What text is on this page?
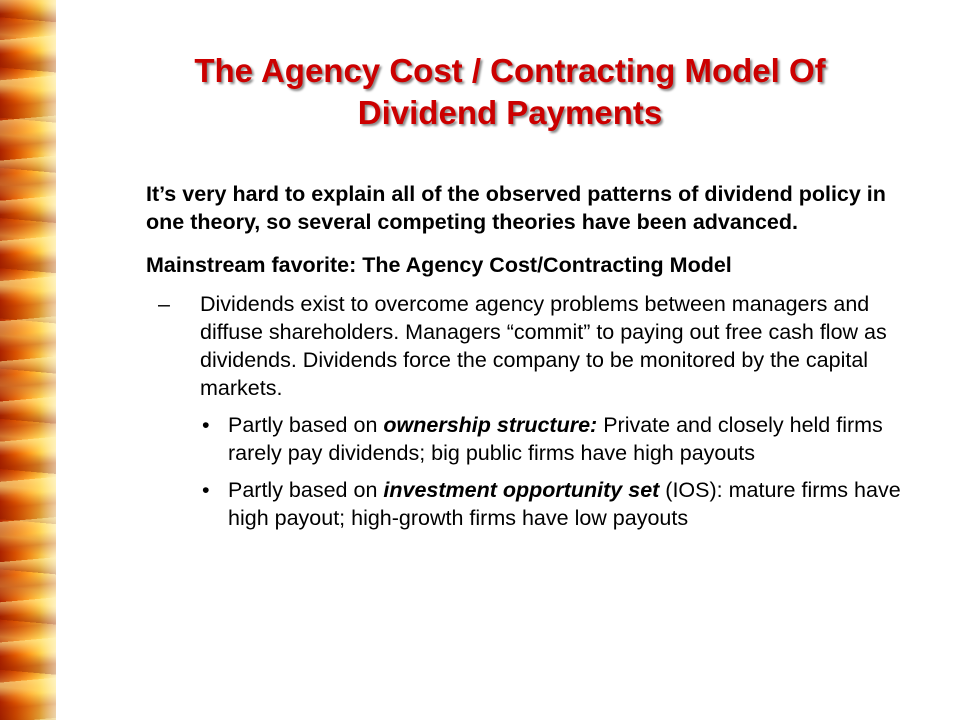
The Agency Cost / Contracting Model Of
Dividend Payments

It’s very hard to explain all of the observed patterns of dividend policy in one theory, so several competing theories have been advanced.

Mainstream favorite: The Agency Cost/Contracting Model

–	Dividends exist to overcome agency problems between managers and diffuse shareholders. Managers “commit” to paying out free cash flow as dividends. Dividends force the company to be monitored by the capital markets.
• Partly based on ownership structure: Private and closely held firms rarely pay dividends; big public firms have high payouts
• Partly based on investment opportunity set (IOS): mature firms have high payout; high-growth firms have low payouts
